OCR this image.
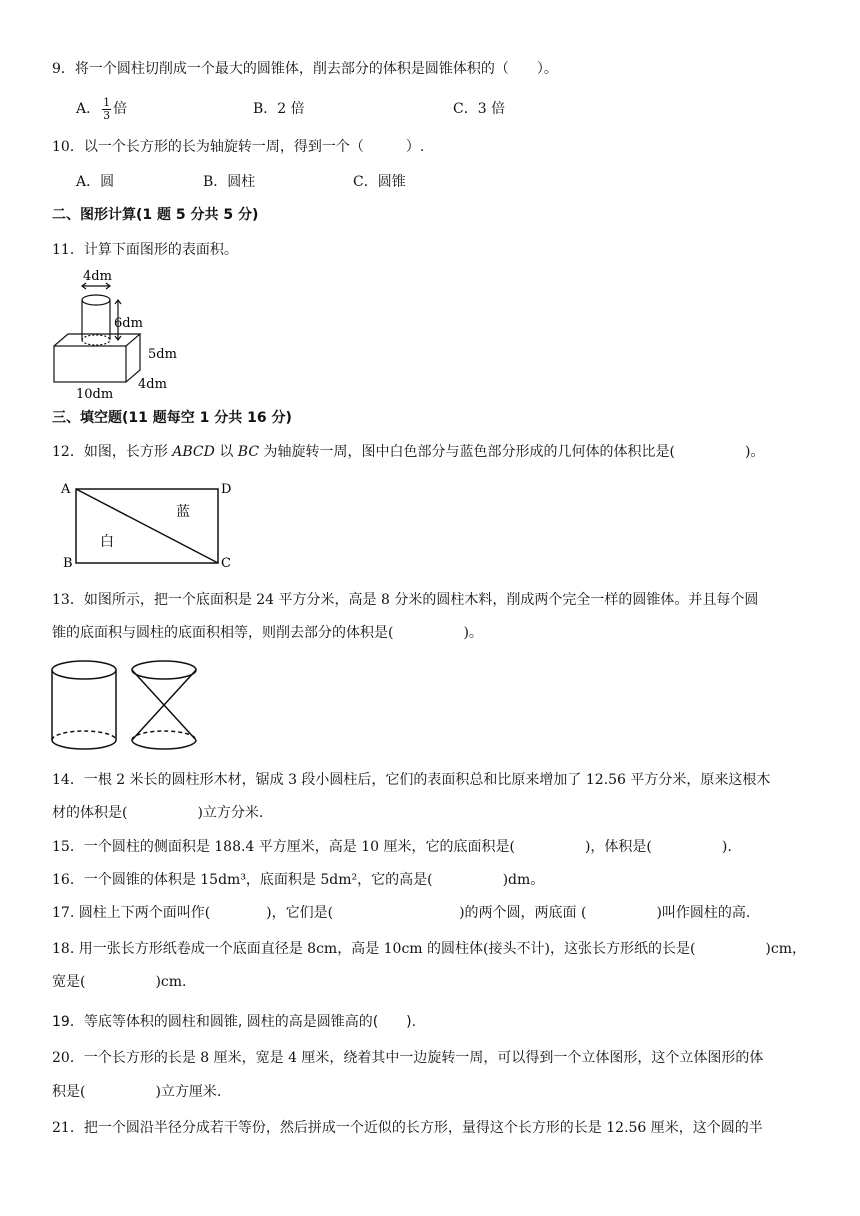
9．将一个圆柱切削成一个最大的圆锥体，削去部分的体积是圆锥体积的（　　）。
A． $\frac{1}{3}$ 倍	B．2 倍	C．3 倍
10．以一个长方形的长为轴旋转一周，得到一个（　　　）.
A．圆	B．圆柱	C．圆锥
二、图形计算(1 题 5 分共 5 分)
11．计算下面图形的表面积。
4dm
6dm
5dm
4dm
10dm
三、填空题(11 题每空 1 分共 16 分)
12．如图，长方形 ABCD 以 BC 为轴旋转一周，图中白色部分与蓝色部分形成的几何体的体积比是(　　　　　)。
A	D
B	C
蓝
白
13．如图所示，把一个底面积是 24 平方分米，高是 8 分米的圆柱木料，削成两个完全一样的圆锥体。并且每个圆
锥的底面积与圆柱的底面积相等，则削去部分的体积是(　　　　　)。
14．一根 2 米长的圆柱形木材，锯成 3 段小圆柱后，它们的表面积总和比原来增加了 12.56 平方分米，原来这根木
材的体积是(　　　　　)立方分米.
15．一个圆柱的侧面积是 188.4 平方厘米，高是 10 厘米，它的底面积是(　　　　　)，体积是(　　　　　).
16．一个圆锥的体积是 15dm³，底面积是 5dm²，它的高是(　　　　　)dm。
17. 圆柱上下两个面叫作(　　　　)，它们是(　　　　　　　　　)的两个圆，两底面 (　　　　　)叫作圆柱的高.
18. 用一张长方形纸卷成一个底面直径是 8cm，高是 10cm 的圆柱体(接头不计)，这张长方形纸的长是(　　　　　)cm，
宽是(　　　　　)cm.
19．等底等体积的圆柱和圆锥, 圆柱的高是圆锥高的(　　).
20．一个长方形的长是 8 厘米，宽是 4 厘米，绕着其中一边旋转一周，可以得到一个立体图形，这个立体图形的体
积是(　　　　　)立方厘米.
21．把一个圆沿半径分成若干等份，然后拼成一个近似的长方形，量得这个长方形的长是 12.56 厘米，这个圆的半
